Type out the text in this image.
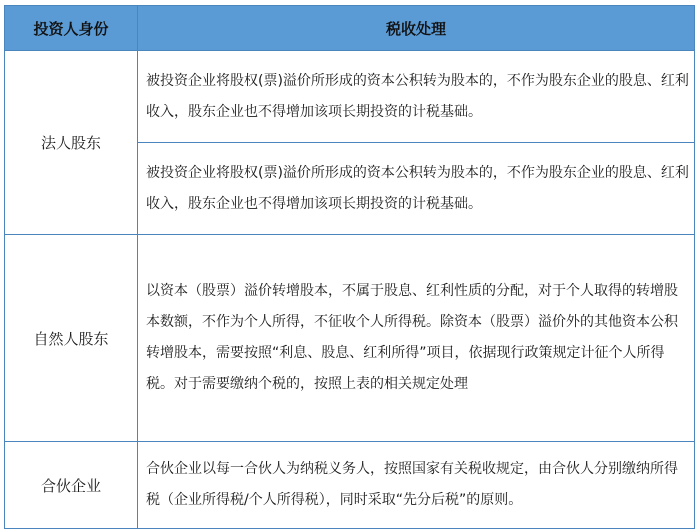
投资人身份	税收处理
法人股东	被投资企业将股权(票)溢价所形成的资本公积转为股本的，不作为股东企业的股息、红利收入，股东企业也不得增加该项长期投资的计税基础。
	被投资企业将股权(票)溢价所形成的资本公积转为股本的，不作为股东企业的股息、红利收入，股东企业也不得增加该项长期投资的计税基础。
自然人股东	以资本（股票）溢价转增股本，不属于股息、红利性质的分配，对于个人取得的转增股本数额，不作为个人所得，不征收个人所得税。除资本（股票）溢价外的其他资本公积转增股本，需要按照“利息、股息、红利所得”项目，依据现行政策规定计征个人所得税。对于需要缴纳个税的，按照上表的相关规定处理
合伙企业	合伙企业以每一合伙人为纳税义务人，按照国家有关税收规定，由合伙人分别缴纳所得税（企业所得税/个人所得税），同时采取“先分后税”的原则。
